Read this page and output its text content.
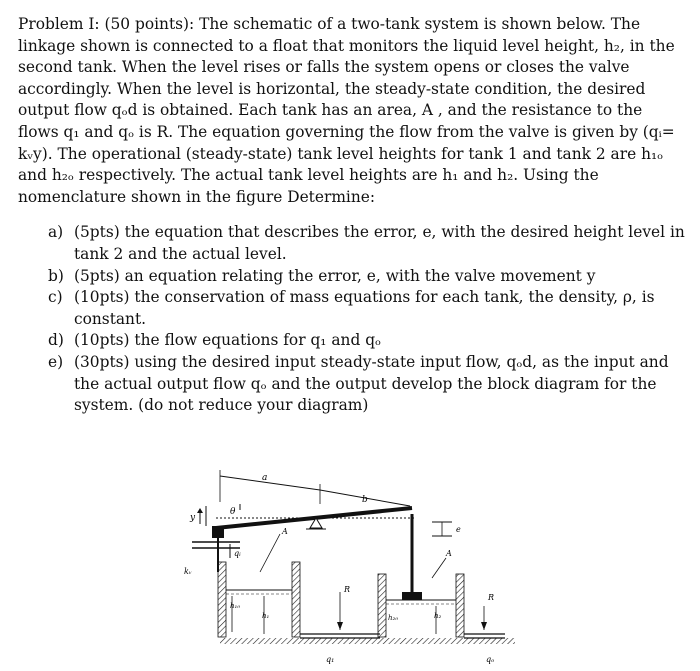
Problem I: (50 points): The schematic of a two-tank system is shown below. The linkage shown is connected to a float that monitors the liquid level height, h₂, in the second tank. When the level rises or falls the system opens or closes the valve accordingly. When the level is horizontal, the steady-state condition, the desired output flow qₒd is obtained. Each tank has an area, A , and the resistance to the flows q₁ and qₒ is R. The equation governing the flow from the valve is given by (qᵢ= kᵥy). The operational (steady-state) tank level heights for tank 1 and tank 2 are h₁ₒ and h₂ₒ respectively. The actual tank level heights are h₁ and h₂. Using the nomenclature shown in the figure Determine:

a) (5pts) the equation that describes the error, e, with the desired height level in tank 2 and the actual level.
b) (5pts) an equation relating the error, e, with the valve movement y
c) (10pts) the conservation of mass equations for each tank, the density, ρ, is constant.
d) (10pts) the flow equations for q₁ and qₒ
e) (30pts) using the desired input steady-state input flow, qₒd, as the input and the actual output flow qₒ and the output develop the block diagram for the system. (do not reduce your diagram)
a
b
θ
y
kᵥ
qᵢ
A
h₁₀
h₁
R
q₁
A
h₂₀	h₂
e
R
qₒ
